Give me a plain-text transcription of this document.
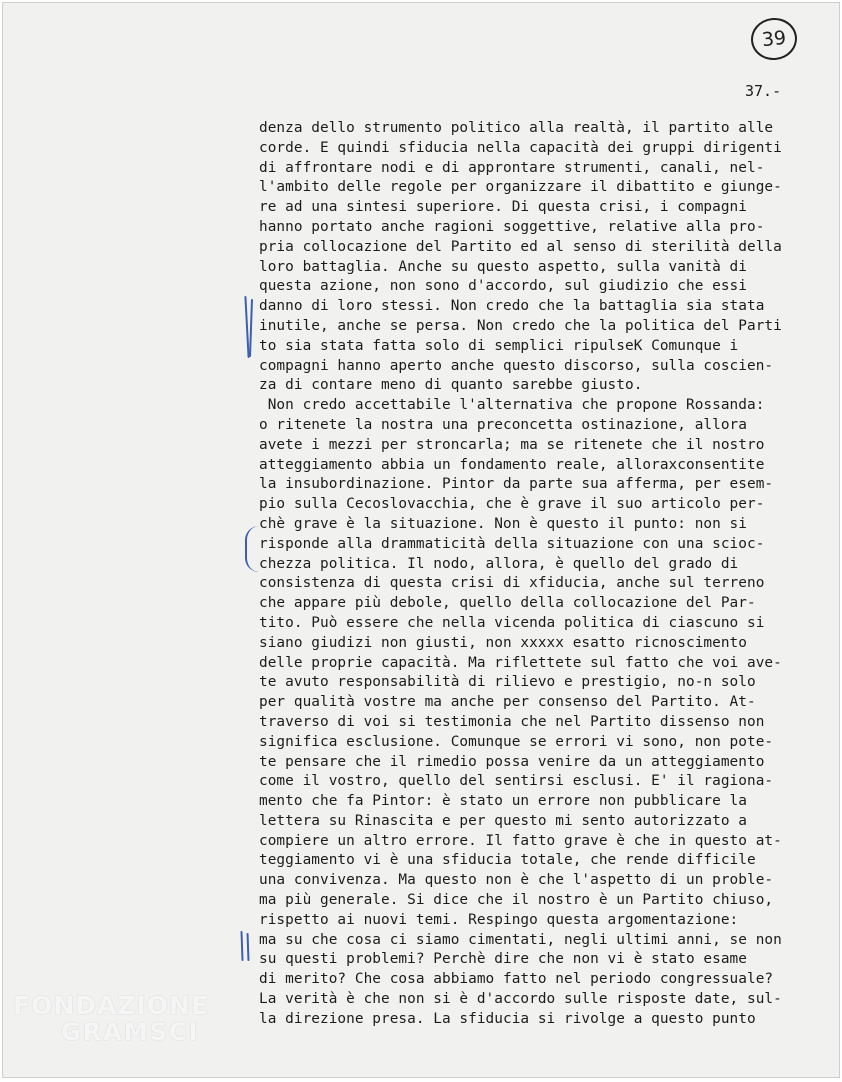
39
37.-
denza dello strumento politico alla realtà, il partito alle
corde. E quindi sfiducia nella capacità dei gruppi dirigenti
di affrontare nodi e di approntare strumenti, canali, nel-
l'ambito delle regole per organizzare il dibattito e giunge-
re ad una sintesi superiore. Di questa crisi, i compagni
hanno portato anche ragioni soggettive, relative alla pro-
pria collocazione del Partito ed al senso di sterilità della
loro battaglia. Anche su questo aspetto, sulla vanità di
questa azione, non sono d'accordo, sul giudizio che essi
danno di loro stessi. Non credo che la battaglia sia stata
inutile, anche se persa. Non credo che la politica del Parti
to sia stata fatta solo di semplici ripulseK Comunque i
compagni hanno aperto anche questo discorso, sulla coscien-
za di contare meno di quanto sarebbe giusto.
Non credo accettabile l'alternativa che propone Rossanda:
o ritenete la nostra una preconcetta ostinazione, allora
avete i mezzi per stroncarla; ma se ritenete che il nostro
atteggiamento abbia un fondamento reale, alloraxconsentite
la insubordinazione. Pintor da parte sua afferma, per esem-
pio sulla Cecoslovacchia, che è grave il suo articolo per-
chè grave è la situazione. Non è questo il punto: non si
risponde alla drammaticità della situazione con una scioc-
chezza politica. Il nodo, allora, è quello del grado di
consistenza di questa crisi di xfiducia, anche sul terreno
che appare più debole, quello della collocazione del Par-
tito. Può essere che nella vicenda politica di ciascuno si
siano giudizi non giusti, non xxxxx esatto ricnoscimento
delle proprie capacità. Ma riflettete sul fatto che voi ave-
te avuto responsabilità di rilievo e prestigio, no-n solo
per qualità vostre ma anche per consenso del Partito. At-
traverso di voi si testimonia che nel Partito dissenso non
significa esclusione. Comunque se errori vi sono, non pote-
te pensare che il rimedio possa venire da un atteggiamento
come il vostro, quello del sentirsi esclusi. E' il ragiona-
mento che fa Pintor: è stato un errore non pubblicare la
lettera su Rinascita e per questo mi sento autorizzato a
compiere un altro errore. Il fatto grave è che in questo at-
teggiamento vi è una sfiducia totale, che rende difficile
una convivenza. Ma questo non è che l'aspetto di un proble-
ma più generale. Si dice che il nostro è un Partito chiuso,
rispetto ai nuovi temi. Respingo questa argomentazione:
ma su che cosa ci siamo cimentati, negli ultimi anni, se non
su questi problemi? Perchè dire che non vi è stato esame
di merito? Che cosa abbiamo fatto nel periodo congressuale?
La verità è che non si è d'accordo sulle risposte date, sul-
la direzione presa. La sfiducia si rivolge a questo punto
FONDAZIONE
GRAMSCI
